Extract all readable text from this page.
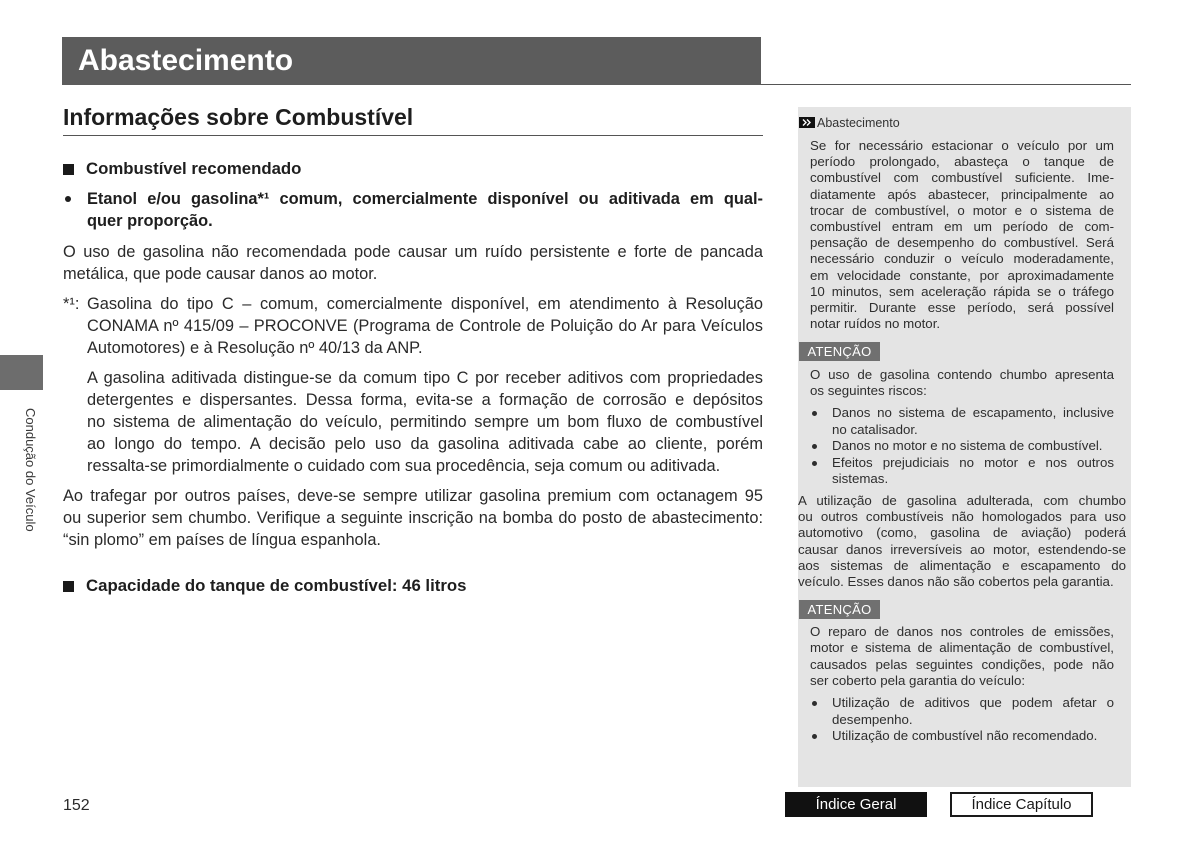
Abastecimento
Informações sobre Combustível
Condução do Veículo
Combustível recomendado
Etanol e/ou gasolina*¹ comum, comercialmente disponível ou aditivada em qual-
quer proporção.
O uso de gasolina não recomendada pode causar um ruído persistente e forte de pancada
metálica, que pode causar danos ao motor.
*¹: Gasolina do tipo C – comum, comercialmente disponível, em atendimento à Resolução
CONAMA nº 415/09 – PROCONVE (Programa de Controle de Poluição do Ar para Veículos
Automotores) e à Resolução nº 40/13 da ANP.
A gasolina aditivada distingue-se da comum tipo C por receber aditivos com propriedades
detergentes e dispersantes. Dessa forma, evita-se a formação de corrosão e depósitos
no sistema de alimentação do veículo, permitindo sempre um bom fluxo de combustível
ao longo do tempo. A decisão pelo uso da gasolina aditivada cabe ao cliente, porém
ressalta-se primordialmente o cuidado com sua procedência, seja comum ou aditivada.
Ao trafegar por outros países, deve-se sempre utilizar gasolina premium com octanagem 95
ou superior sem chumbo. Verifique a seguinte inscrição na bomba do posto de abastecimento:
“sin plomo” em países de língua espanhola.
Capacidade do tanque de combustível: 46 litros
Abastecimento
Se for necessário estacionar o veículo por um
período prolongado, abasteça o tanque de
combustível com combustível suficiente. Ime-
diatamente após abastecer, principalmente ao
trocar de combustível, o motor e o sistema de
combustível entram em um período de com-
pensação de desempenho do combustível. Será
necessário conduzir o veículo moderadamente,
em velocidade constante, por aproximadamente
10 minutos, sem aceleração rápida se o tráfego
permitir. Durante esse período, será possível
notar ruídos no motor.
ATENÇÃO
O uso de gasolina contendo chumbo apresenta
os seguintes riscos:
Danos no sistema de escapamento, inclusive
no catalisador.
Danos no motor e no sistema de combustível.
Efeitos prejudiciais no motor e nos outros
sistemas.
A utilização de gasolina adulterada, com chumbo
ou outros combustíveis não homologados para uso
automotivo (como, gasolina de aviação) poderá
causar danos irreversíveis ao motor, estendendo-se
aos sistemas de alimentação e escapamento do
veículo. Esses danos não são cobertos pela garantia.
ATENÇÃO
O reparo de danos nos controles de emissões,
motor e sistema de alimentação de combustível,
causados pelas seguintes condições, pode não
ser coberto pela garantia do veículo:
Utilização de aditivos que podem afetar o
desempenho.
Utilização de combustível não recomendado.
152	Índice Geral	Índice Capítulo
